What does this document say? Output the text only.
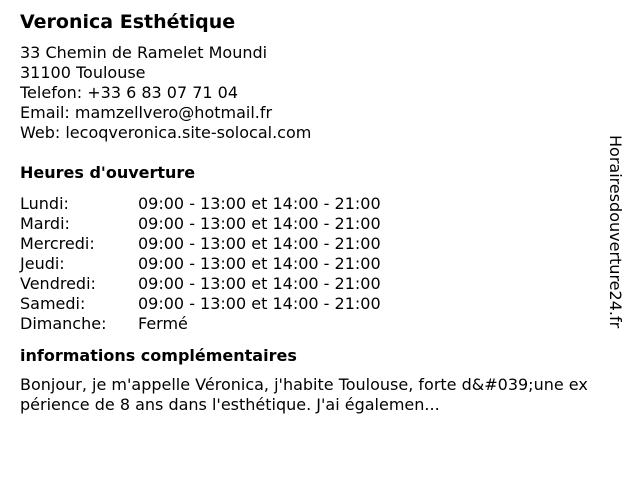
Veronica Esthétique
33 Chemin de Ramelet Moundi
31100 Toulouse
Telefon: +33 6 83 07 71 04
Email: mamzellvero@hotmail.fr
Web: lecoqveronica.site-solocal.com
Heures d'ouverture
Lundi:	09:00 - 13:00 et 14:00 - 21:00
Mardi:	09:00 - 13:00 et 14:00 - 21:00
Mercredi:	09:00 - 13:00 et 14:00 - 21:00
Jeudi:	09:00 - 13:00 et 14:00 - 21:00
Vendredi:	09:00 - 13:00 et 14:00 - 21:00
Samedi:	09:00 - 13:00 et 14:00 - 21:00
Dimanche:	Fermé
informations complémentaires
Bonjour, je m'appelle Véronica, j'habite Toulouse, forte d&#039;une expérience de 8 ans dans l'esthétique. J'ai égalemen...
Horairesdouverture24.fr
